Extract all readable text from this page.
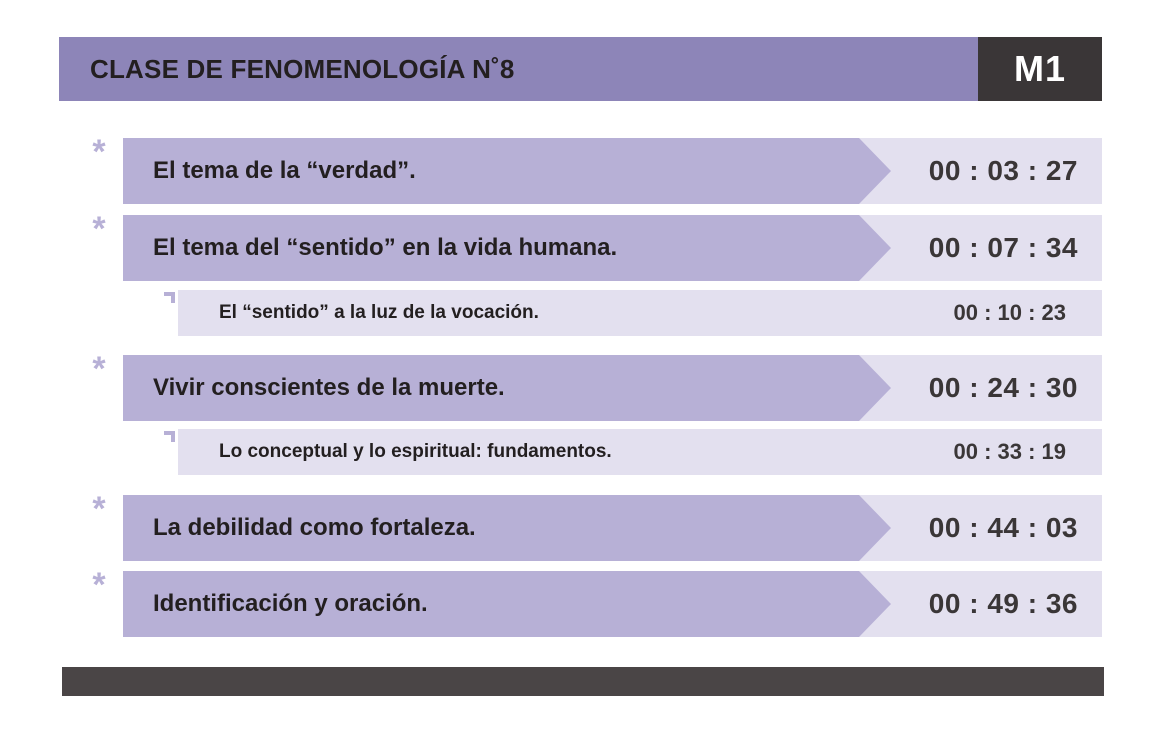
CLASE DE FENOMENOLOGÍA N˚8	M1
* El tema de la “verdad”.	00 : 03 : 27
* El tema del “sentido” en la vida humana.	00 : 07 : 34
El “sentido” a la luz de la vocación.	00 : 10 : 23
* Vivir conscientes de la muerte.	00 : 24 : 30
Lo conceptual y lo espiritual: fundamentos.	00 : 33 : 19
* La debilidad como fortaleza.	00 : 44 : 03
* Identificación y oración.	00 : 49 : 36
